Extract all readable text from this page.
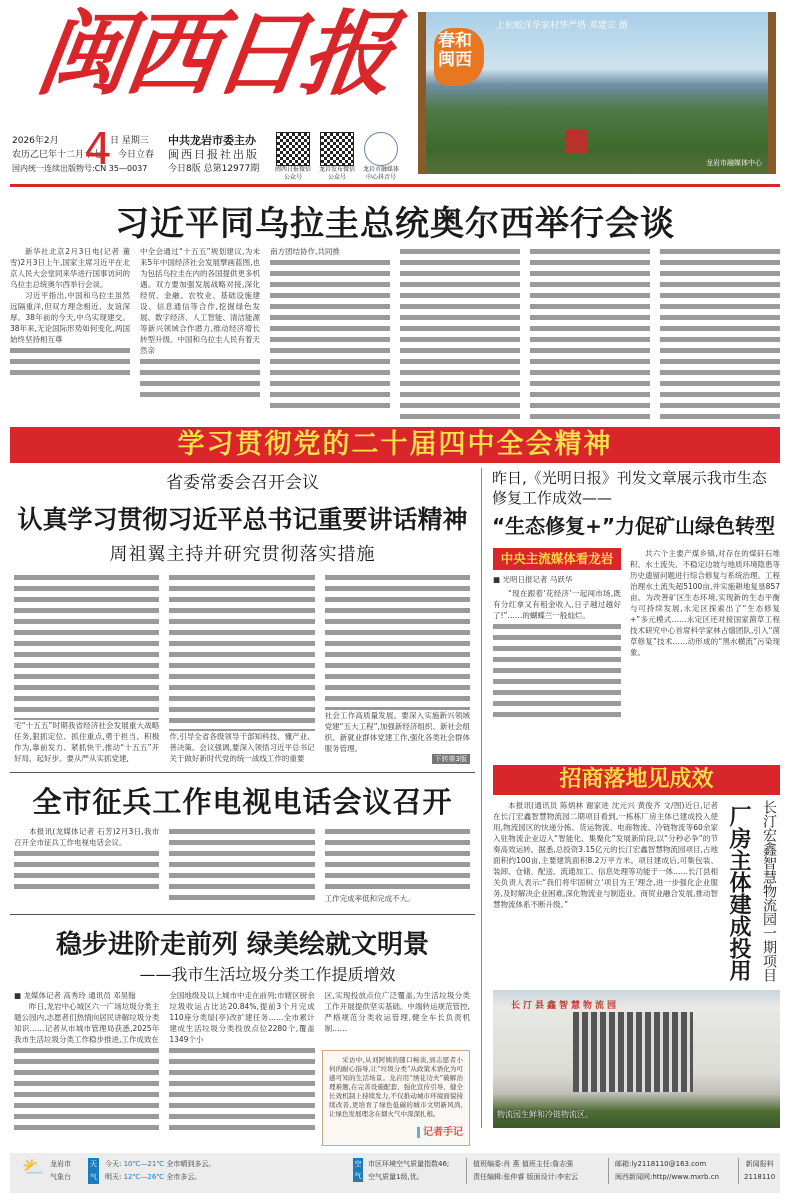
闽西日报 春和闽西
上杭蛟洋华家村华严塔 邓建宗 摄
龙岩市融媒体中心
2026年2月
农历乙巳年十二月十七
国内统一连续出版物号:CN 35—0037
4
日 星期三
今日立春
中共龙岩市委主办
闽西日报社出版
今日8版 总第12977期	闽西日报微信公众号
龙岩发布微信公众号
龙岩市融媒体中心抖音号
习近平同乌拉圭总统奥尔西举行会谈

新华社北京2月3日电(记者 董雪)2月3日上午,国家主席习近平在北京人民大会堂同来华进行国事访问的乌拉圭总统奥尔西举行会谈。

习近平指出,中国和乌拉圭虽然远隔重洋,但双方理念相近、友谊深厚。38年前的今天,中乌实现建交。38年来,无论国际形势如何变化,两国始终坚持相互尊

中全会通过“十五五”规划建议,为未来5年中国经济社会发展擘画蓝图,也为包括乌拉圭在内的各国提供更多机遇。双方要加强发展战略对接,深化经贸、金融、农牧业、基础设施建设、信息通信等合作,挖掘绿色发展、数字经济、人工智能、清洁能源等新兴领域合作潜力,推动经济增长转型升级。中国和乌拉圭人民有着天然亲

南方团结协作,共同推

学习贯彻党的二十届四中全会精神
省委常委会召开会议
认真学习贯彻习近平总书记重要讲话精神
周祖翼主持并研究贯彻落实措施

宅“十五五”时期我省经济社会发展重大战略任务,狠抓定位、抓住重点,勇于担当、积极作为,靠前发力、紧抓快干,推动“十五五”开好局、起好步。要从严从实抓党建,

作,引导全省各级领导干部知科技、懂产业、善决策。会议强调,要深入领悟习近平总书记关于做好新时代党的统一战线工作的重要

社会工作高质量发展。要深入实施新兴领域党建“五大工程”,加强新经济组织、新社会组织、新就业群体党建工作,强化各类社会群体服务管理。

下转第3版
昨日,《光明日报》刊发文章展示我市生态修复工作成效——
“生态修复+”力促矿山绿色转型
中央主流媒体看龙岩
■ 光明日报记者 马跃华

“现在跟着‘花经济’一起闯市场,既有分红拿又有租金收入,日子越过越好了!”……的蝴蝶兰一般灿烂。

共六个主要产煤乡镇,对存在的煤矸石堆积、水土流失、不稳定边坡与地质环境隐患等历史遗留问题进行综合修复与系统治理。工程治理水土流失超5100亩,并实施耕地复垦857亩。为改善矿区生态环境,实现新的生态平衡与可持续发展,永定区探索出了“生态修复+”多元模式……永定区还对接国家菌草工程技术研究中心首席科学家林占熺团队,引入“菌草修复”技术……动形成的“黑水横流”污染现象。

全市征兵工作电视电话会议召开

本报讯(龙媒体记者 石芳)2月3日,我市召开全市征兵工作电视电话会议。

工作完成率低和完成不大。

稳步进阶走前列 绿美绘就文明景
——我市生活垃圾分类工作提质增效

■ 龙媒体记者 高秀玲 通讯员 邓昊翰

昨日,龙岩中心城区六一广场垃圾分类主题公园内,志愿者们热情向居民讲解垃圾分类知识……记者从市城市管理局获悉,2025年我市生活垃圾分类工作稳步推进,工作成效在

全国地级及以上城市中走在前列;市辖区厨余垃圾收运占比达20.84%,提前3个月完成110座分类屋(亭)改扩建任务……全市累计建成生活垃圾分类投放点位2280个,覆盖1349个小

区,实现投放点位广泛覆盖,为生活垃圾分类工作开展提供坚实基础。中端转运规范管控,严格规范分类收运管理,健全车长负责机制……

采访中,从刘阿姨的随口畅谈,到志愿者小何的耐心指导,让“垃圾分类”从政策术语化为可感可知的生活场景。龙岩用“绣花功夫”破解治理难题,在完善设施配套、强化宣传引导、健全长效机制上持续发力,不仅推动城市环境面貌持续改善,更培育了绿色低碳的城市文明新风尚,让绿色发展理念在烟火气中深深扎根。

记者手记
招商落地见成效
本报讯(通讯员 陈炳林 谢家进 沈元兴 黄俊齐 文/图)近日,记者在长汀宏鑫智慧物流园二期项目看到,一栋栋厂房主体已建成投入使用,物流园区的快递分拣、货运物流、电商物流、冷链物流等60余家入驻物流企业迈入“智能化、集聚化”发展新阶段,以“分秒必争”的节奏高效运转。据悉,总投资3.15亿元的长汀宏鑫智慧物流园项目,占地面积约100亩,主要建筑面积8.2万平方米。项目建成后,可集包装、装卸、仓储、配送、流通加工、信息处理等功能于一体……长汀县相关负责人表示:“我们将牢固树立‘项目为王’理念,进一步强化企业服务,及时解决企业困难,深化物流业与制造业、商贸业融合发展,推动智慧物流体系不断升级。”	厂房主体建成投用 长汀宏鑫智慧物流园一期项目
长汀县鑫智慧物流园
物流园生鲜和冷链物流区。
⛅ 龙岩市气象台
天气
今天: 10℃—21℃ 全市晴到多云。
明天: 12℃—26℃ 全市多云。
空气
市区环境空气质量指数46;
空气质量1级,优。
值班编委:肖 燕 值班主任:詹志强
责任编辑:张仲睿 版面设计:李宏云
邮箱:ly2118110@163.com
闽西新闻网:http//www.mxrb.cn
新闻报料
2118110
